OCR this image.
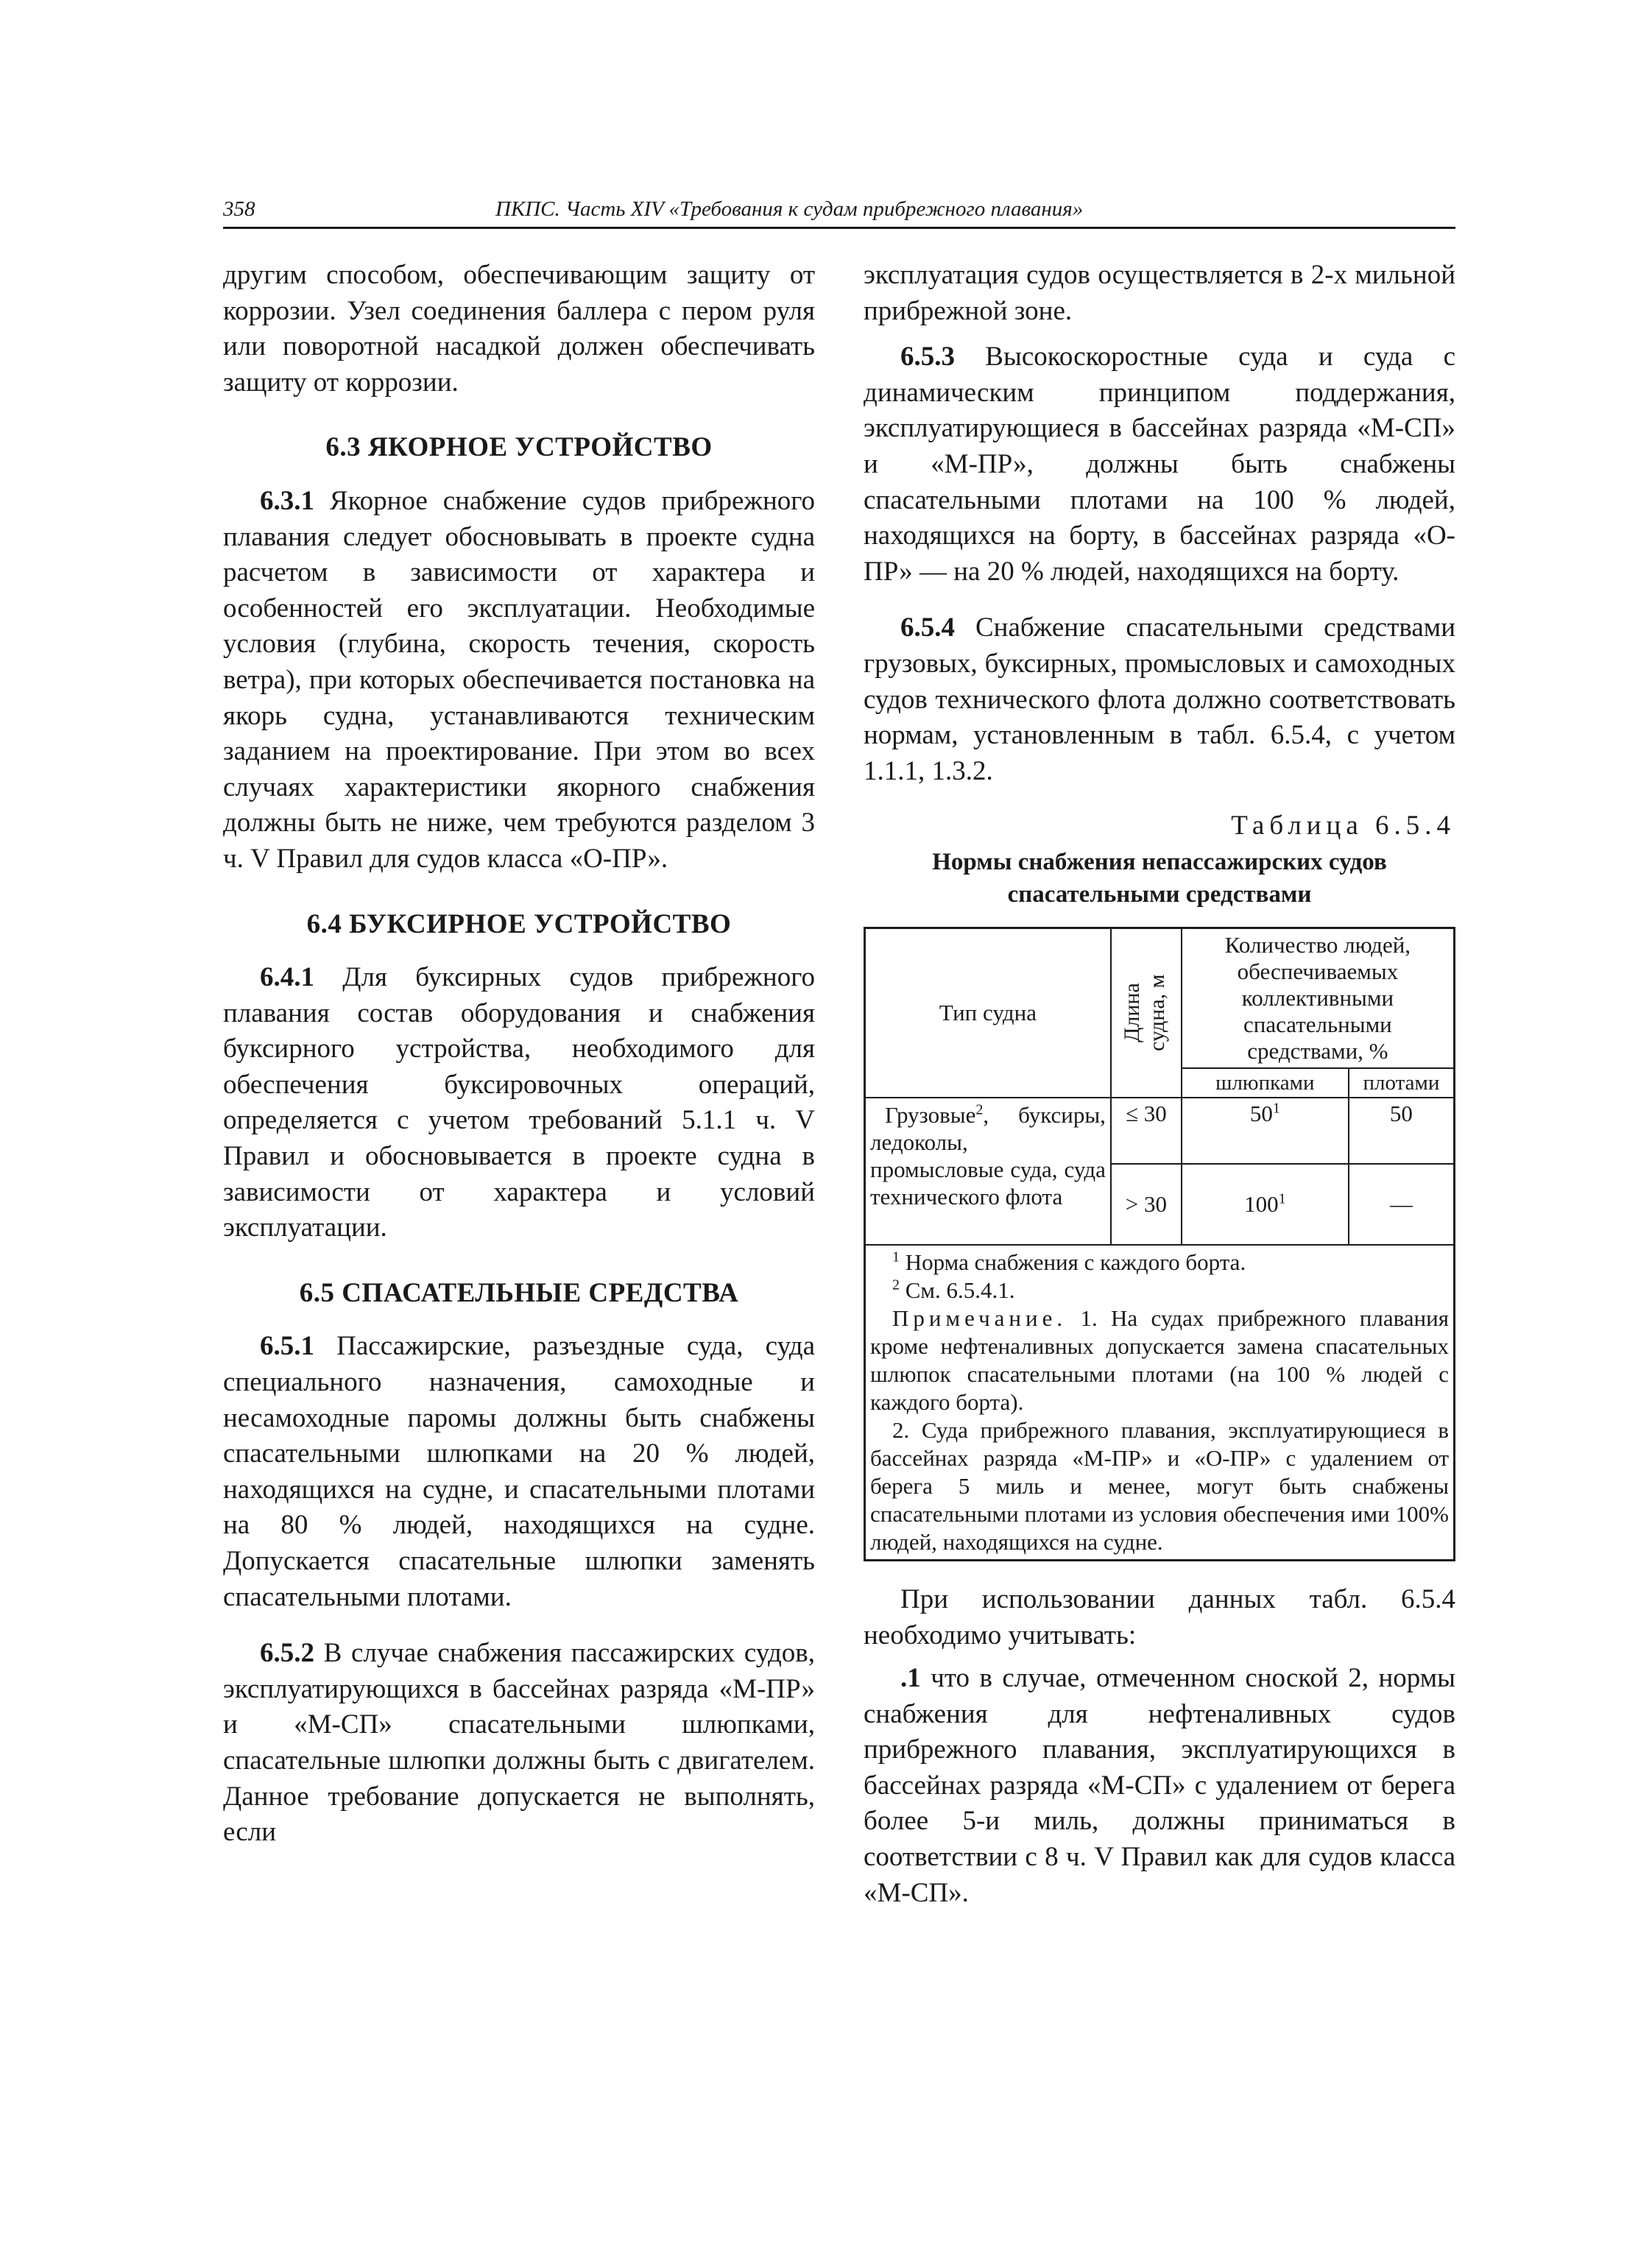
358	ПКПС. Часть XIV «Требования к судам прибрежного плавания»

другим способом, обеспечивающим защиту от коррозии. Узел соединения баллера с пером руля или поворотной насадкой должен обеспечивать защиту от коррозии.

6.3 ЯКОРНОЕ УСТРОЙСТВО

6.3.1 Якорное снабжение судов прибрежного плавания следует обосновывать в проекте судна расчетом в зависимости от характера и особенностей его эксплуатации. Необходимые условия (глубина, скорость течения, скорость ветра), при которых обеспечивается постановка на якорь судна, устанавливаются техническим заданием на проектирование. При этом во всех случаях характеристики якорного снабжения должны быть не ниже, чем требуются разделом 3 ч. V Правил для судов класса «О-ПР».

6.4 БУКСИРНОЕ УСТРОЙСТВО

6.4.1 Для буксирных судов прибрежного плавания состав оборудования и снабжения буксирного устройства, необходимого для обеспечения буксировочных операций, определяется с учетом требований 5.1.1 ч. V Правил и обосновывается в проекте судна в зависимости от характера и условий эксплуатации.

6.5 СПАСАТЕЛЬНЫЕ СРЕДСТВА

6.5.1 Пассажирские, разъездные суда, суда специального назначения, самоходные и несамоходные паромы должны быть снабжены спасательными шлюпками на 20 % людей, находящихся на судне, и спасательными плотами на 80 % людей, находящихся на судне. Допускается спасательные шлюпки заменять спасательными плотами.

6.5.2 В случае снабжения пассажирских судов, эксплуатирующихся в бассейнах разряда «М-ПР» и «М-СП» спасательными шлюпками, спасательные шлюпки должны быть с двигателем. Данное требование допускается не выполнять, если

эксплуатация судов осуществляется в 2-х мильной прибрежной зоне.

6.5.3 Высокоскоростные суда и суда с динамическим принципом поддержания, эксплуатирующиеся в бассейнах разряда «М-СП» и «М-ПР», должны быть снабжены спасательными плотами на 100 % людей, находящихся на борту, в бассейнах разряда «О-ПР» — на 20 % людей, находящихся на борту.

6.5.4 Снабжение спасательными средствами грузовых, буксирных, промысловых и самоходных судов технического флота должно соответствовать нормам, установленным в табл. 6.5.4, с учетом 1.1.1, 1.3.2.

Таблица 6.5.4
Нормы снабжения непассажирских судов
спасательными средствами
Тип судна	Длина судна, м	Количество людей, обеспечиваемых коллективными спасательными средствами, %	
		шлюпками	плотами
Грузовые$^2$, буксиры, ледоколы, промысловые суда, суда технического флота	≤ 30	$50^1$	50
	> 30	$100^1$	—

$^1$ Норма снабжения с каждого борта.
$^2$ См. 6.5.4.1.
Примечание. 1. На судах прибрежного плавания кроме нефтеналивных допускается замена спасательных шлюпок спасательными плотами (на 100 % людей с каждого борта).
2. Суда прибрежного плавания, эксплуатирующиеся в бассейнах разряда «М-ПР» и «О-ПР» с удалением от берега 5 миль и менее, могут быть снабжены спасательными плотами из условия обеспечения ими 100% людей, находящихся на судне.			

При использовании данных табл. 6.5.4 необходимо учитывать:

.1 что в случае, отмеченном сноской 2, нормы снабжения для нефтеналивных судов прибрежного плавания, эксплуатирующихся в бассейнах разряда «М-СП» с удалением от берега более 5-и миль, должны приниматься в соответствии с 8 ч. V Правил как для судов класса «М-СП».
